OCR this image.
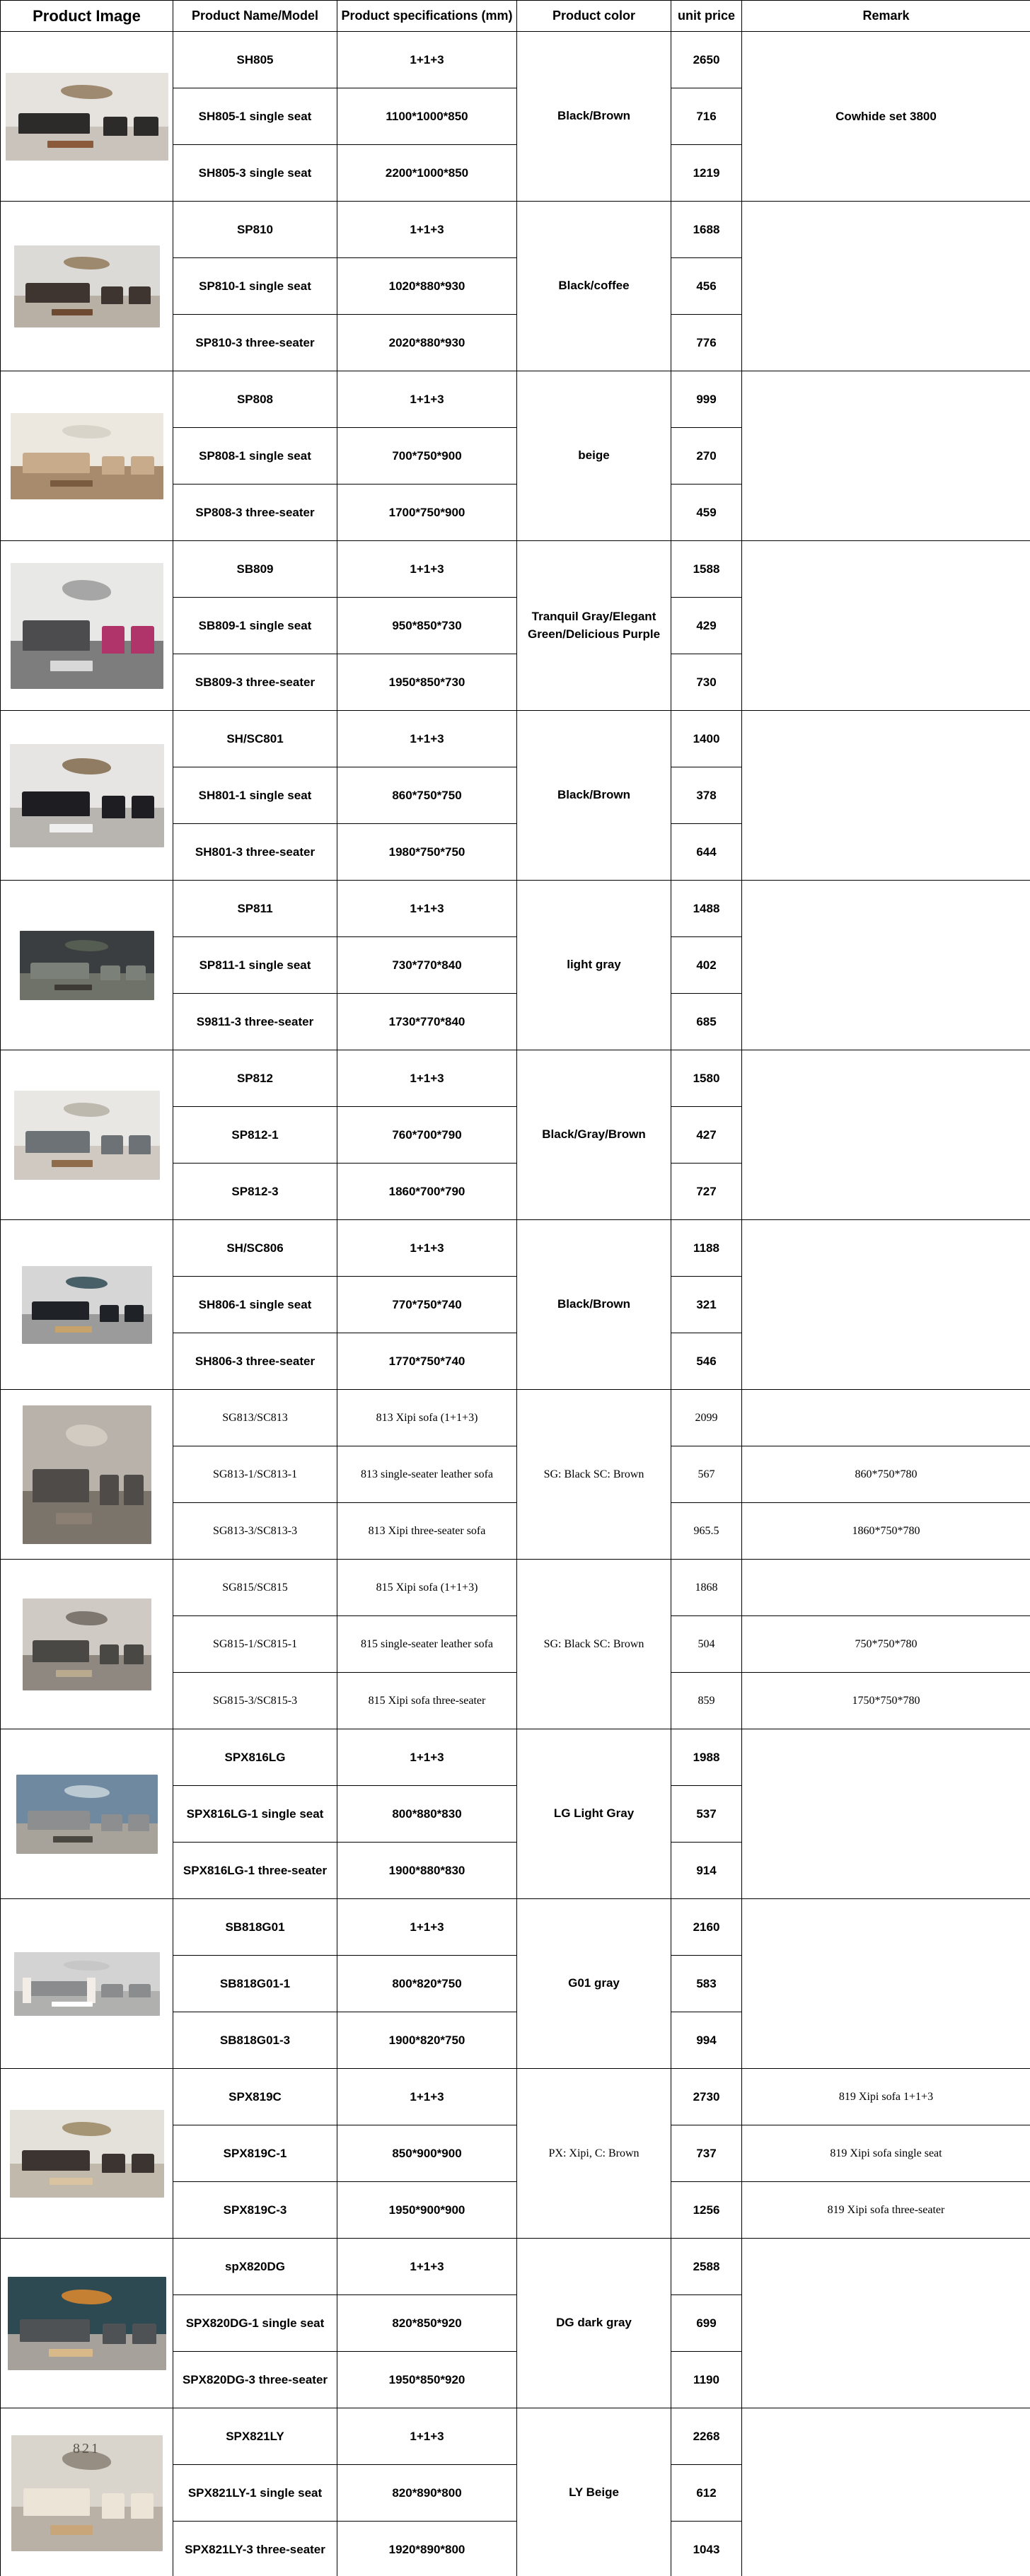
Product Image	Product Name/Model	Product specifications (mm)	Product color	unit price	Remark

	SH805	1+1+3	Black/Brown	2650	Cowhide set 3800
	SH805-1 single seat	1100*1000*850		716	
	SH805-3 single seat	2200*1000*850		1219	

	SP810	1+1+3	Black/coffee	1688	
	SP810-1 single seat	1020*880*930		456	
	SP810-3 three-seater	2020*880*930		776	

	SP808	1+1+3	beige	999	
	SP808-1 single seat	700*750*900		270	
	SP808-3 three-seater	1700*750*900		459	

	SB809	1+1+3	Tranquil Gray/Elegant Green/Delicious Purple	1588	
	SB809-1 single seat	950*850*730		429	
	SB809-3 three-seater	1950*850*730		730	

	SH/SC801	1+1+3	Black/Brown	1400	
	SH801-1 single seat	860*750*750		378	
	SH801-3 three-seater	1980*750*750		644	

	SP811	1+1+3	light gray	1488	
	SP811-1 single seat	730*770*840		402	
	S9811-3 three-seater	1730*770*840		685	

	SP812	1+1+3	Black/Gray/Brown	1580	
	SP812-1	760*700*790		427	
	SP812-3	1860*700*790		727	

	SH/SC806	1+1+3	Black/Brown	1188	
	SH806-1 single seat	770*750*740		321	
	SH806-3 three-seater	1770*750*740		546	

	SG813/SC813	813 Xipi sofa (1+1+3)	SG: Black SC: Brown	2099	
	SG813-1/SC813-1	813 single-seater leather sofa		567	860*750*780
	SG813-3/SC813-3	813 Xipi three-seater sofa		965.5	1860*750*780

	SG815/SC815	815 Xipi sofa (1+1+3)	SG: Black SC: Brown	1868	
	SG815-1/SC815-1	815 single-seater leather sofa		504	750*750*780
	SG815-3/SC815-3	815 Xipi sofa three-seater		859	1750*750*780

	SPX816LG	1+1+3	LG Light Gray	1988	
	SPX816LG-1 single seat	800*880*830		537	
	SPX816LG-1 three-seater	1900*880*830		914	

	SB818G01	1+1+3	G01 gray	2160	
	SB818G01-1	800*820*750		583	
	SB818G01-3	1900*820*750		994	

	SPX819C	1+1+3	PX: Xipi, C: Brown	2730	819 Xipi sofa 1+1+3
	SPX819C-1	850*900*900		737	819 Xipi sofa single seat
	SPX819C-3	1950*900*900		1256	819 Xipi sofa three-seater

	spX820DG	1+1+3	DG dark gray	2588	
	SPX820DG-1 single seat	820*850*920		699	
	SPX820DG-3 three-seater	1950*850*920		1190	

821	SPX821LY	1+1+3	LY Beige	2268	
	SPX821LY-1 single seat	820*890*800		612	
	SPX821LY-3 three-seater	1920*890*800		1043	
